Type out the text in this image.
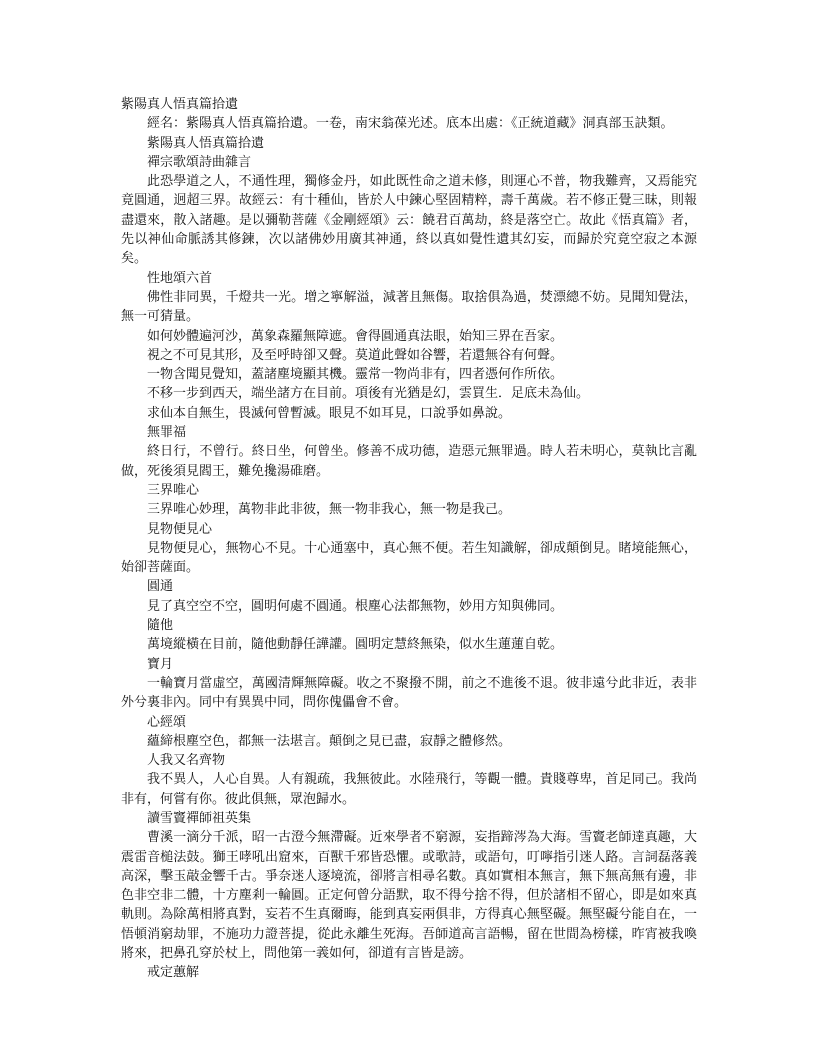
紫陽真人悟真篇拾遺
經名：紫陽真人悟真篇拾遺。一卷，南宋翁葆光述。底本出處：《正統道藏》洞真部玉訣類。
紫陽真人悟真篇拾遺
禪宗歌頌詩曲雜言
此恐學道之人，不通性理，獨修金丹，如此既性命之道未修，則運心不普，物我難齊，又焉能究竟圓通，迥超三界。故經云：有十種仙，皆於人中鍊心堅固精粹，壽千萬歲。若不修正覺三昧，則報盡還來，散入諸趣。是以彌勒菩薩《金剛經頌》云：饒君百萬劫，終是落空亡。故此《悟真篇》者，先以神仙命脈誘其修鍊，次以諸佛妙用廣其神通，終以真如覺性遺其幻妄，而歸於究竟空寂之本源矣。
性地頌六首
佛性非同異，千燈共一光。增之寧解溢，減著且無傷。取捨俱為過，焚漂總不妨。見聞知覺法，無一可猜量。
如何妙體遍河沙，萬象森羅無障遮。會得圓通真法眼，始知三界在吾家。
視之不可見其形，及至呼時卻又聲。莫道此聲如谷響，若還無谷有何聲。
一物含聞見覺知，蓋諸塵境顯其機。靈常一物尚非有，四者憑何作所依。
不移一步到西天，端坐諸方在目前。項後有光猶是幻，雲買生．足底未為仙。
求仙本自無生，畏滅何曾暫滅。眼見不如耳見，口說爭如鼻說。
無罪福
終日行，不曾行。終日坐，何曾坐。修善不成功德，造惡元無罪過。時人若未明心，莫執比言亂做，死後須見閻王，難免攙湯碓磨。
三界唯心
三界唯心妙理，萬物非此非彼，無一物非我心，無一物是我己。
見物便見心
見物便見心，無物心不見。十心通塞中，真心無不便。若生知識解，卻成顛倒見。睹境能無心，始卻菩薩面。
圓通
見了真空空不空，圓明何處不圓通。根塵心法都無物，妙用方知與佛同。
隨他
萬境縱橫在目前，隨他動靜任譁讙。圓明定慧終無染，似水生蓮蓮自乾。
寶月
一輪寶月當虛空，萬國清輝無障礙。收之不聚撥不開，前之不進後不退。彼非遠兮此非近，表非外兮裏非內。同中有異異中同，問你傀儡會不會。
心經頌
蘊締根塵空色，都無一法堪言。顛倒之見已盡，寂靜之體修然。
人我又名齊物
我不異人，人心自異。人有親疏，我無彼此。水陸飛行，等觀一體。貴賤尊卑，首足同己。我尚非有，何嘗有你。彼此俱無，眾泡歸水。
讀雪竇禪師祖英集
曹溪一滴分千派，昭一古澄今無滯礙。近來學者不窮源，妄指蹄涔為大海。雪竇老師達真趣，大震雷音槌法鼓。獅王哮吼出窟來，百獸千邪皆恐懼。或歌詩，或語句，叮嚀指引迷人路。言詞磊落義高深，擊玉敲金響千古。爭奈迷人逐境流，卻將言相尋名數。真如實相本無言，無下無高無有邊，非色非空非二體，十方塵剎一輪圓。正定何曾分語默，取不得兮捨不得，但於諸相不留心，即是如來真軌則。為除萬相將真對，妄若不生真爾晦，能到真妄兩俱非，方得真心無堅礙。無堅礙兮能自在，一悟頓消窮劫罪，不施功力證菩提，從此永離生死海。吾師道高言語暢，留在世間為榜樣，昨宵被我喚將來，把鼻孔穿於杖上，問他第一義如何，卻道有言皆是謗。
戒定蕙解
